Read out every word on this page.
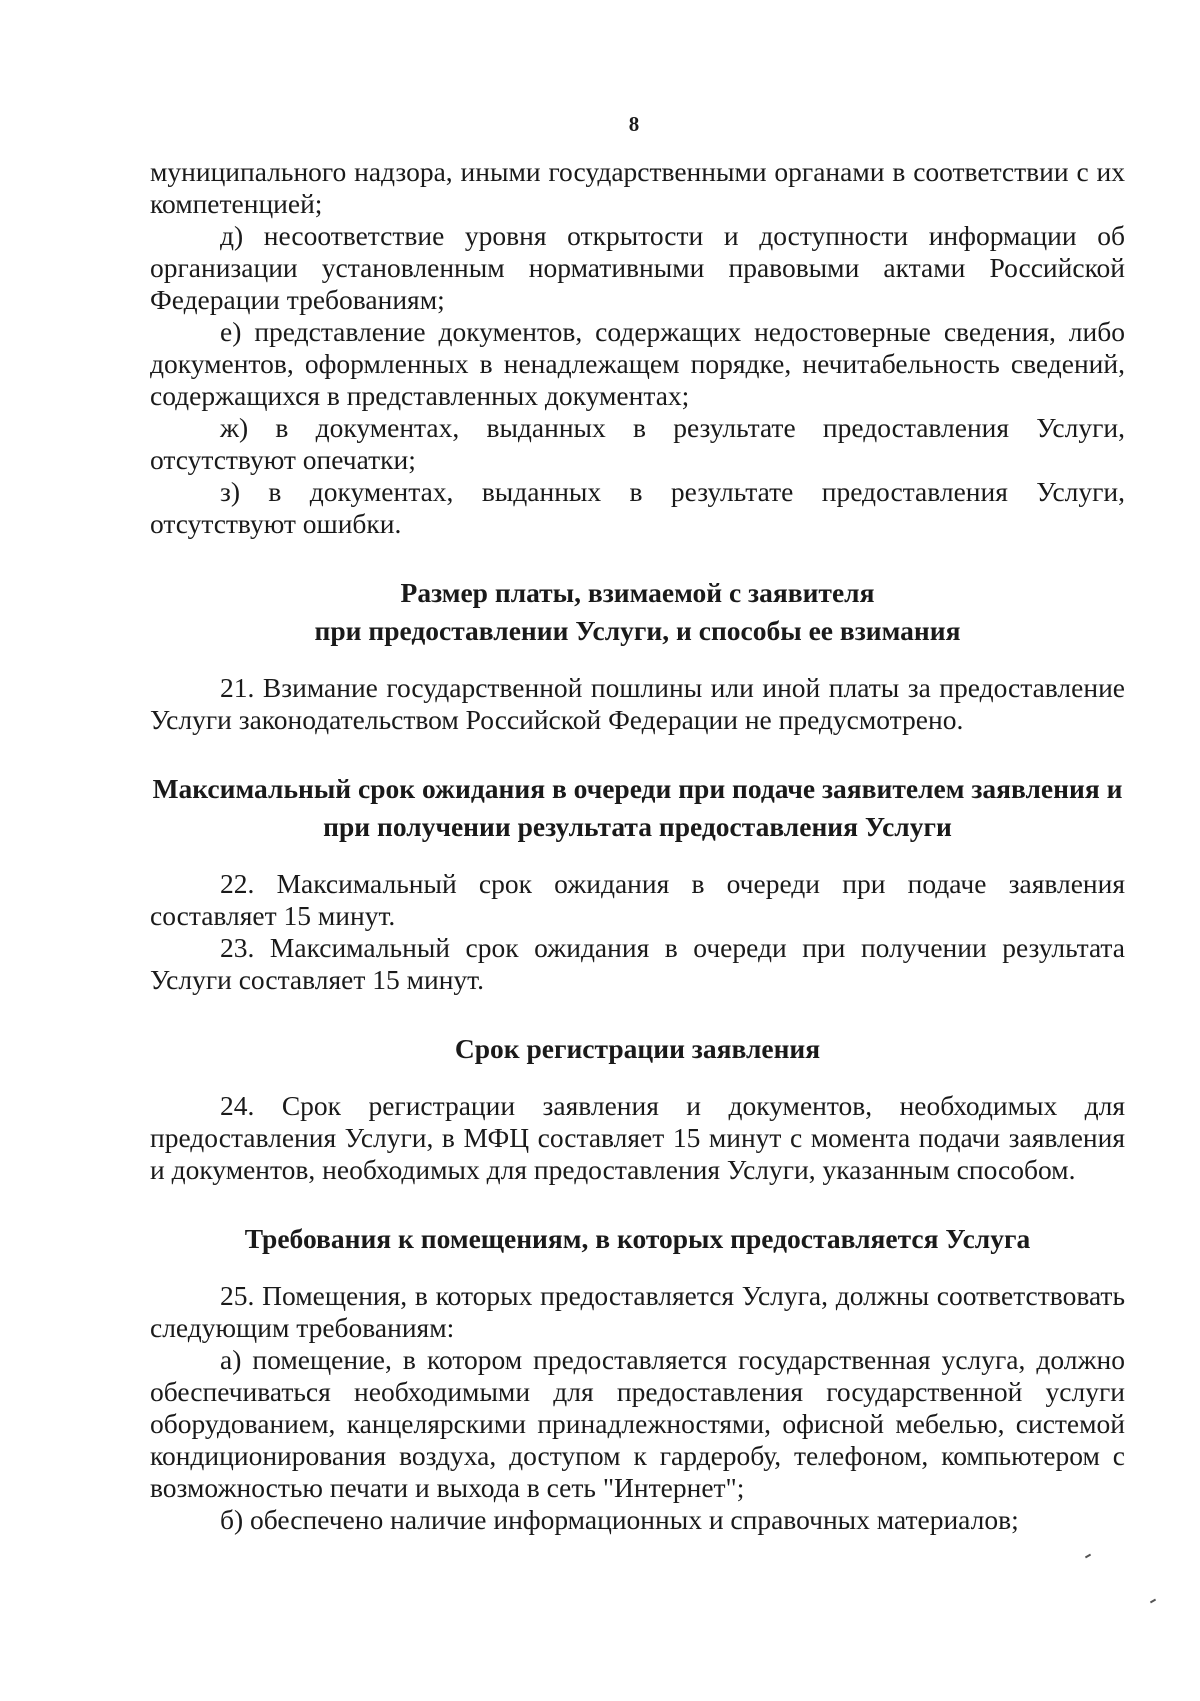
8

муниципального надзора, иными государственными органами в соответствии с их компетенцией;

д) несоответствие уровня открытости и доступности информации об организации установленным нормативными правовыми актами Российской Федерации требованиям;

е) представление документов, содержащих недостоверные сведения, либо документов, оформленных в ненадлежащем порядке, нечитабельность сведений, содержащихся в представленных документах;

ж) в документах, выданных в результате предоставления Услуги, отсутствуют опечатки;

з) в документах, выданных в результате предоставления Услуги, отсутствуют ошибки.

Размер платы, взимаемой с заявителя

при предоставлении Услуги, и способы ее взимания

21. Взимание государственной пошлины или иной платы за предоставление Услуги законодательством Российской Федерации не предусмотрено.

Максимальный срок ожидания в очереди при подаче заявителем заявления и

при получении результата предоставления Услуги

22. Максимальный срок ожидания в очереди при подаче заявления составляет 15 минут.

23. Максимальный срок ожидания в очереди при получении результата Услуги составляет 15 минут.

Срок регистрации заявления

24. Срок регистрации заявления и документов, необходимых для предоставления Услуги, в МФЦ составляет 15 минут с момента подачи заявления и документов, необходимых для предоставления Услуги, указанным способом.

Требования к помещениям, в которых предоставляется Услуга

25. Помещения, в которых предоставляется Услуга, должны соответствовать следующим требованиям:

а) помещение, в котором предоставляется государственная услуга, должно обеспечиваться необходимыми для предоставления государственной услуги оборудованием, канцелярскими принадлежностями, офисной мебелью, системой кондиционирования воздуха, доступом к гардеробу, телефоном, компьютером с возможностью печати и выхода в сеть "Интернет";

б) обеспечено наличие информационных и справочных материалов;
